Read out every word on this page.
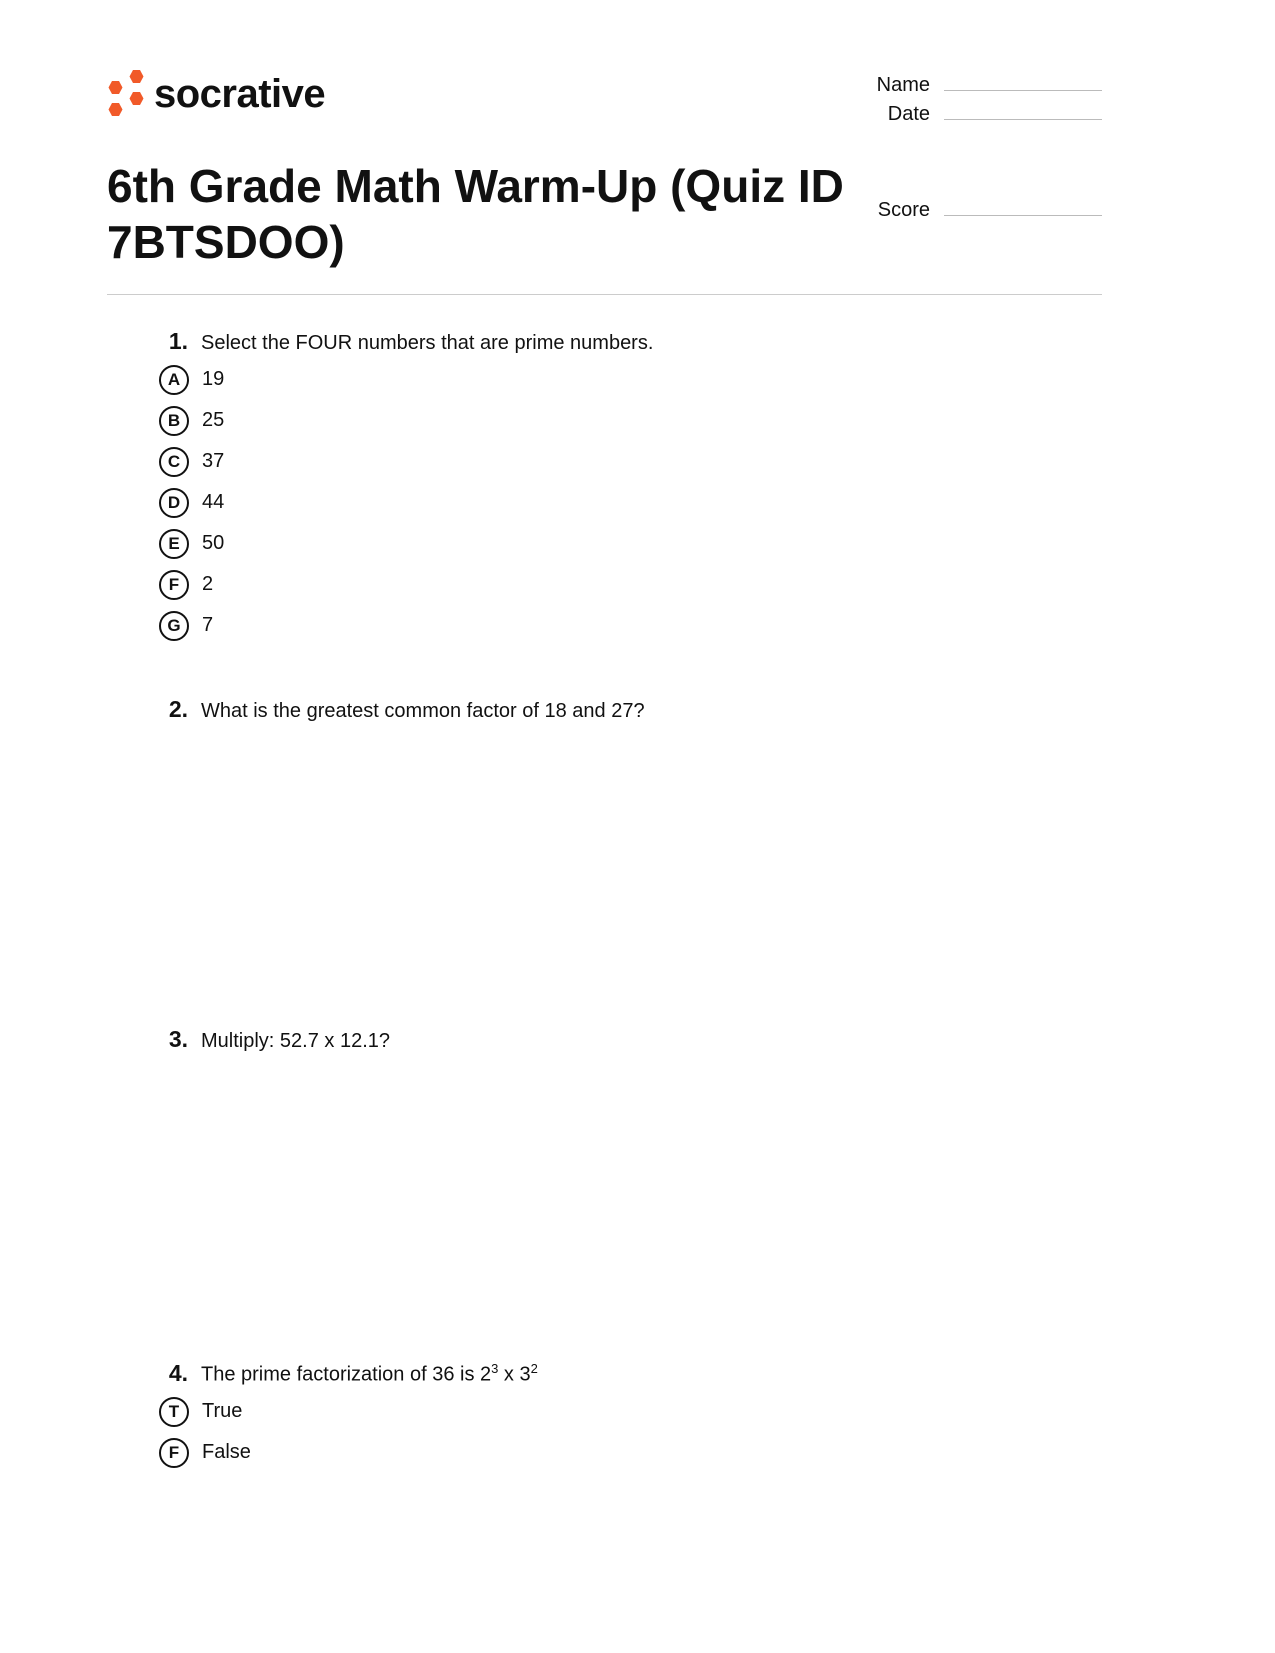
socrative	Name
Date
Score
6th Grade Math Warm-Up (Quiz ID 7BTSDOO)
1. Select the FOUR numbers that are prime numbers.
A	19
B	25
C	37
D	44
E	50
F	2
G	7
2. What is the greatest common factor of 18 and 27?
3. Multiply: 52.7 x 12.1?
4. The prime factorization of 36 is $2^3$ x $3^2$
T	True
F	False
